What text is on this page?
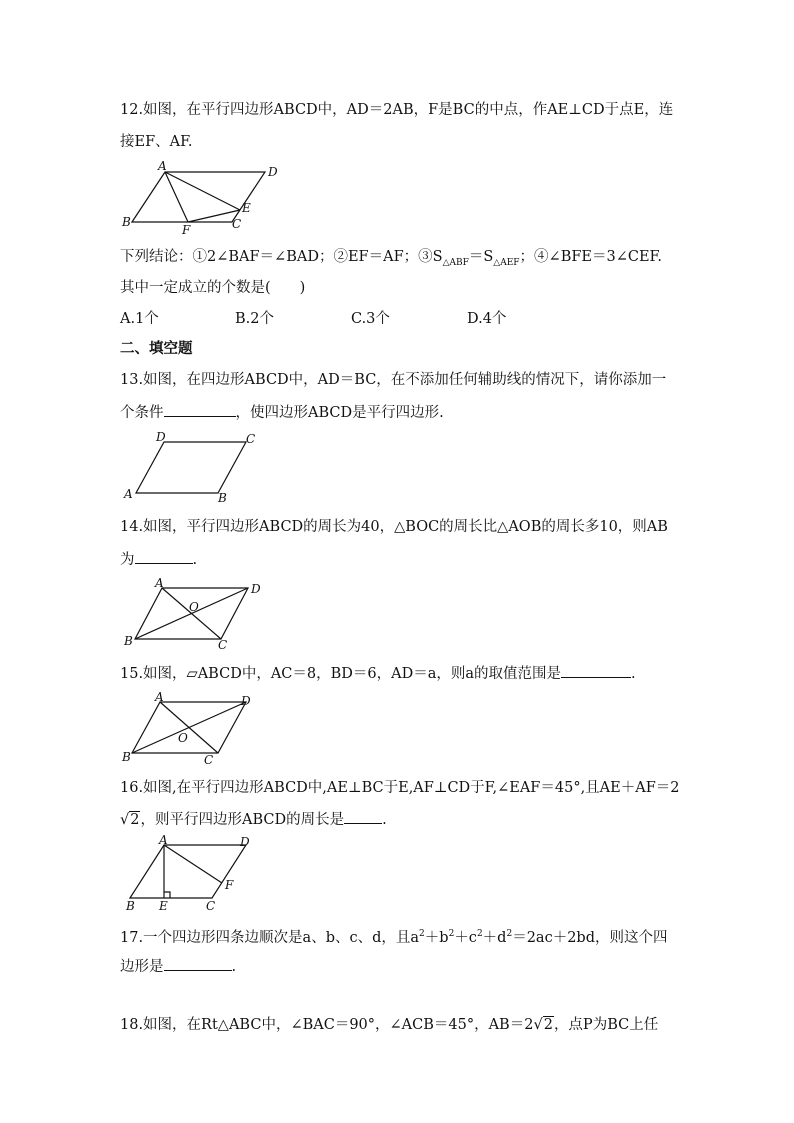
12.如图，在平行四边形ABCD中，AD＝2AB，F是BC的中点，作AE⊥CD于点E，连
接EF、AF.
A
B	C
D
E
F
下列结论：①2∠BAF＝∠BAD；②EF＝AF；$③S_{\triangle ABF}=S_{\triangle AEF}$；④∠BFE＝3∠CEF.
其中一定成立的个数是(　　)
A.1个	B.2个	C.3个	D.4个
二、填空题
13.如图，在四边形ABCD中，AD＝BC，在不添加任何辅助线的情况下，请你添加一
个条件	，使四边形ABCD是平行四边形.
A	B
C
D
14.如图，平行四边形ABCD的周长为40，△BOC的周长比△AOB的周长多10，则AB
为	.
A
B	C
D
O
15.如图，▱ABCD中，AC＝8，BD＝6，AD＝a，则a的取值范围是	.
A
B	C
D
O
16.如图,在平行四边形ABCD中,AE⊥BC于E,AF⊥CD于F,∠EAF＝45°,且AE＋AF＝2
√2，则平行四边形ABCD的周长是	.
A
B	C
D
E
F
17.一个四边形四条边顺次是a、b、c、d，且$a^2+b^2+c^2+d^2=2ac+2bd$，则这个四
边形是	.
18.如图，在Rt△ABC中，∠BAC＝90°，∠ACB＝45°，AB＝2√2，点P为BC上任
